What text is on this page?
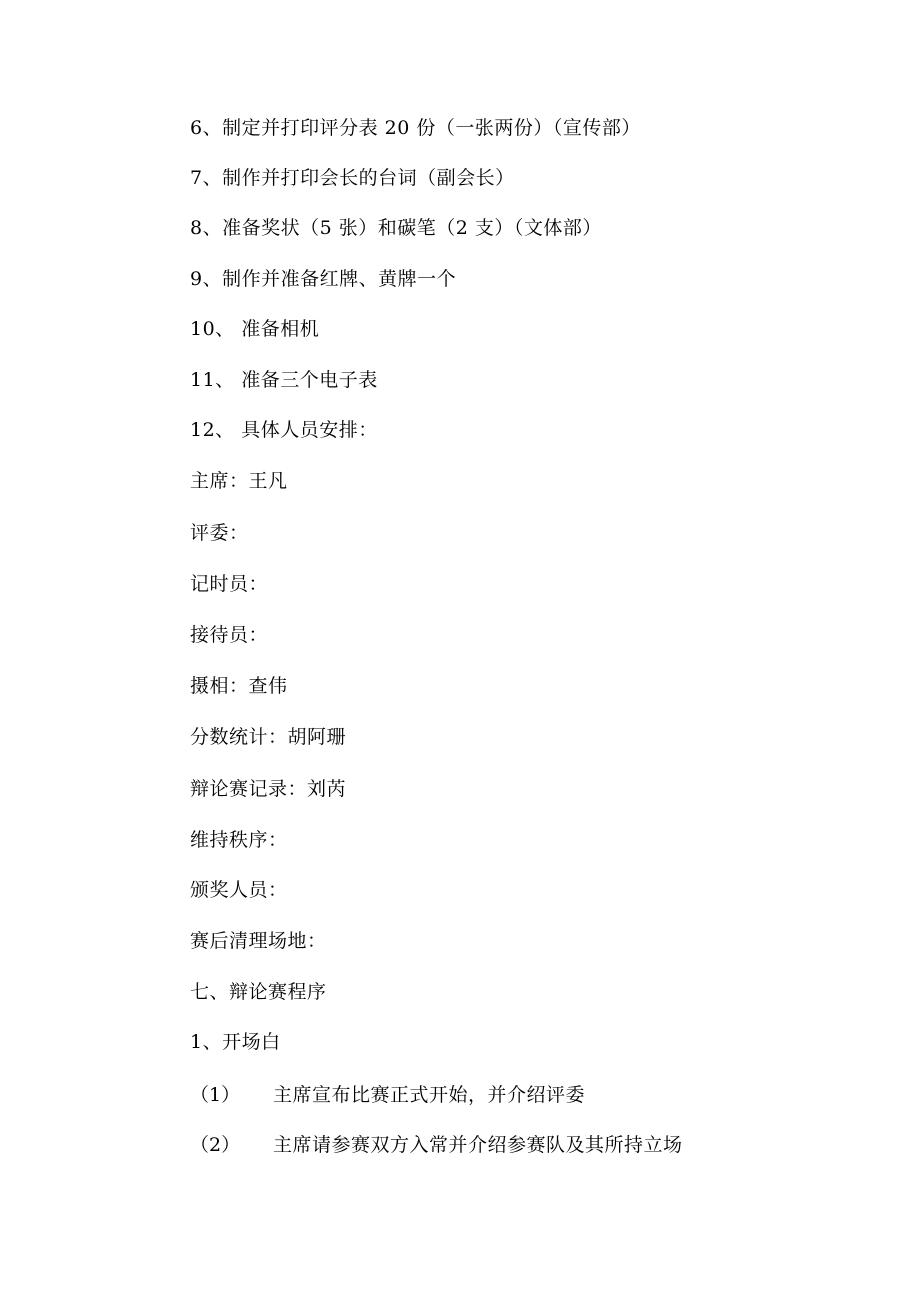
6、制定并打印评分表 20 份（一张两份）（宣传部）
7、制作并打印会长的台词（副会长）
8、准备奖状（5 张）和碳笔（2 支）（文体部）
9、制作并准备红牌、黄牌一个
10、 准备相机
11、 准备三个电子表
12、 具体人员安排：
主席：王凡
评委：
记时员：
接待员：
摄相：查伟
分数统计：胡阿珊
辩论赛记录：刘芮
维持秩序：
颁奖人员：
赛后清理场地：
七、辩论赛程序
1、开场白
（1） 主席宣布比赛正式开始，并介绍评委
（2） 主席请参赛双方入常并介绍参赛队及其所持立场
